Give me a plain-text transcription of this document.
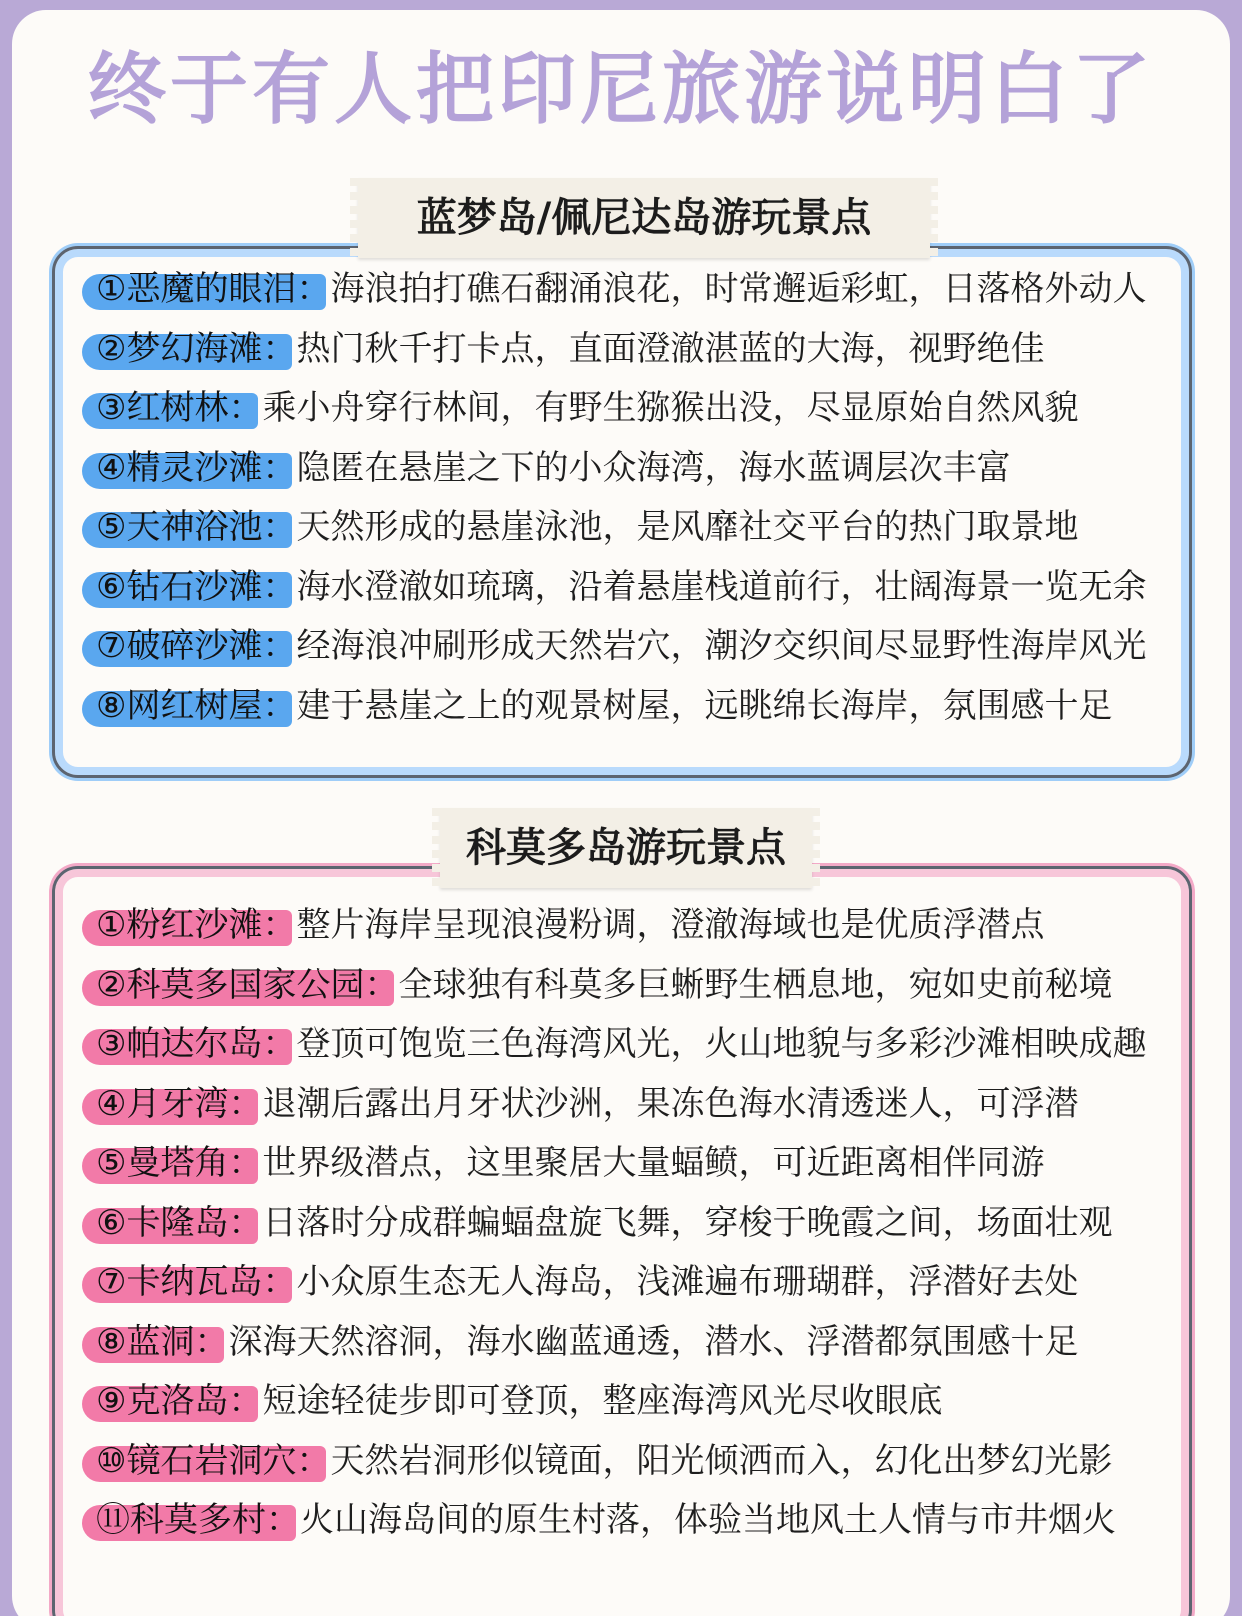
终于有人把印尼旅游说明白了
蓝梦岛/佩尼达岛游玩景点
①恶魔的眼泪： 海浪拍打礁石翻涌浪花，时常邂逅彩虹，日落格外动人
②梦幻海滩： 热门秋千打卡点，直面澄澈湛蓝的大海，视野绝佳
③红树林： 乘小舟穿行林间，有野生猕猴出没，尽显原始自然风貌
④精灵沙滩： 隐匿在悬崖之下的小众海湾，海水蓝调层次丰富
⑤天神浴池： 天然形成的悬崖泳池，是风靡社交平台的热门取景地
⑥钻石沙滩： 海水澄澈如琉璃，沿着悬崖栈道前行，壮阔海景一览无余
⑦破碎沙滩： 经海浪冲刷形成天然岩穴，潮汐交织间尽显野性海岸风光
⑧网红树屋： 建于悬崖之上的观景树屋，远眺绵长海岸，氛围感十足
科莫多岛游玩景点
①粉红沙滩： 整片海岸呈现浪漫粉调，澄澈海域也是优质浮潜点
②科莫多国家公园： 全球独有科莫多巨蜥野生栖息地，宛如史前秘境
③帕达尔岛： 登顶可饱览三色海湾风光，火山地貌与多彩沙滩相映成趣
④月牙湾： 退潮后露出月牙状沙洲，果冻色海水清透迷人，可浮潜
⑤曼塔角： 世界级潜点，这里聚居大量蝠鲼，可近距离相伴同游
⑥卡隆岛： 日落时分成群蝙蝠盘旋飞舞，穿梭于晚霞之间，场面壮观
⑦卡纳瓦岛： 小众原生态无人海岛，浅滩遍布珊瑚群，浮潜好去处
⑧蓝洞： 深海天然溶洞，海水幽蓝通透，潜水、浮潜都氛围感十足
⑨克洛岛： 短途轻徒步即可登顶，整座海湾风光尽收眼底
⑩镜石岩洞穴： 天然岩洞形似镜面，阳光倾洒而入，幻化出梦幻光影
⑪科莫多村： 火山海岛间的原生村落，体验当地风土人情与市井烟火
